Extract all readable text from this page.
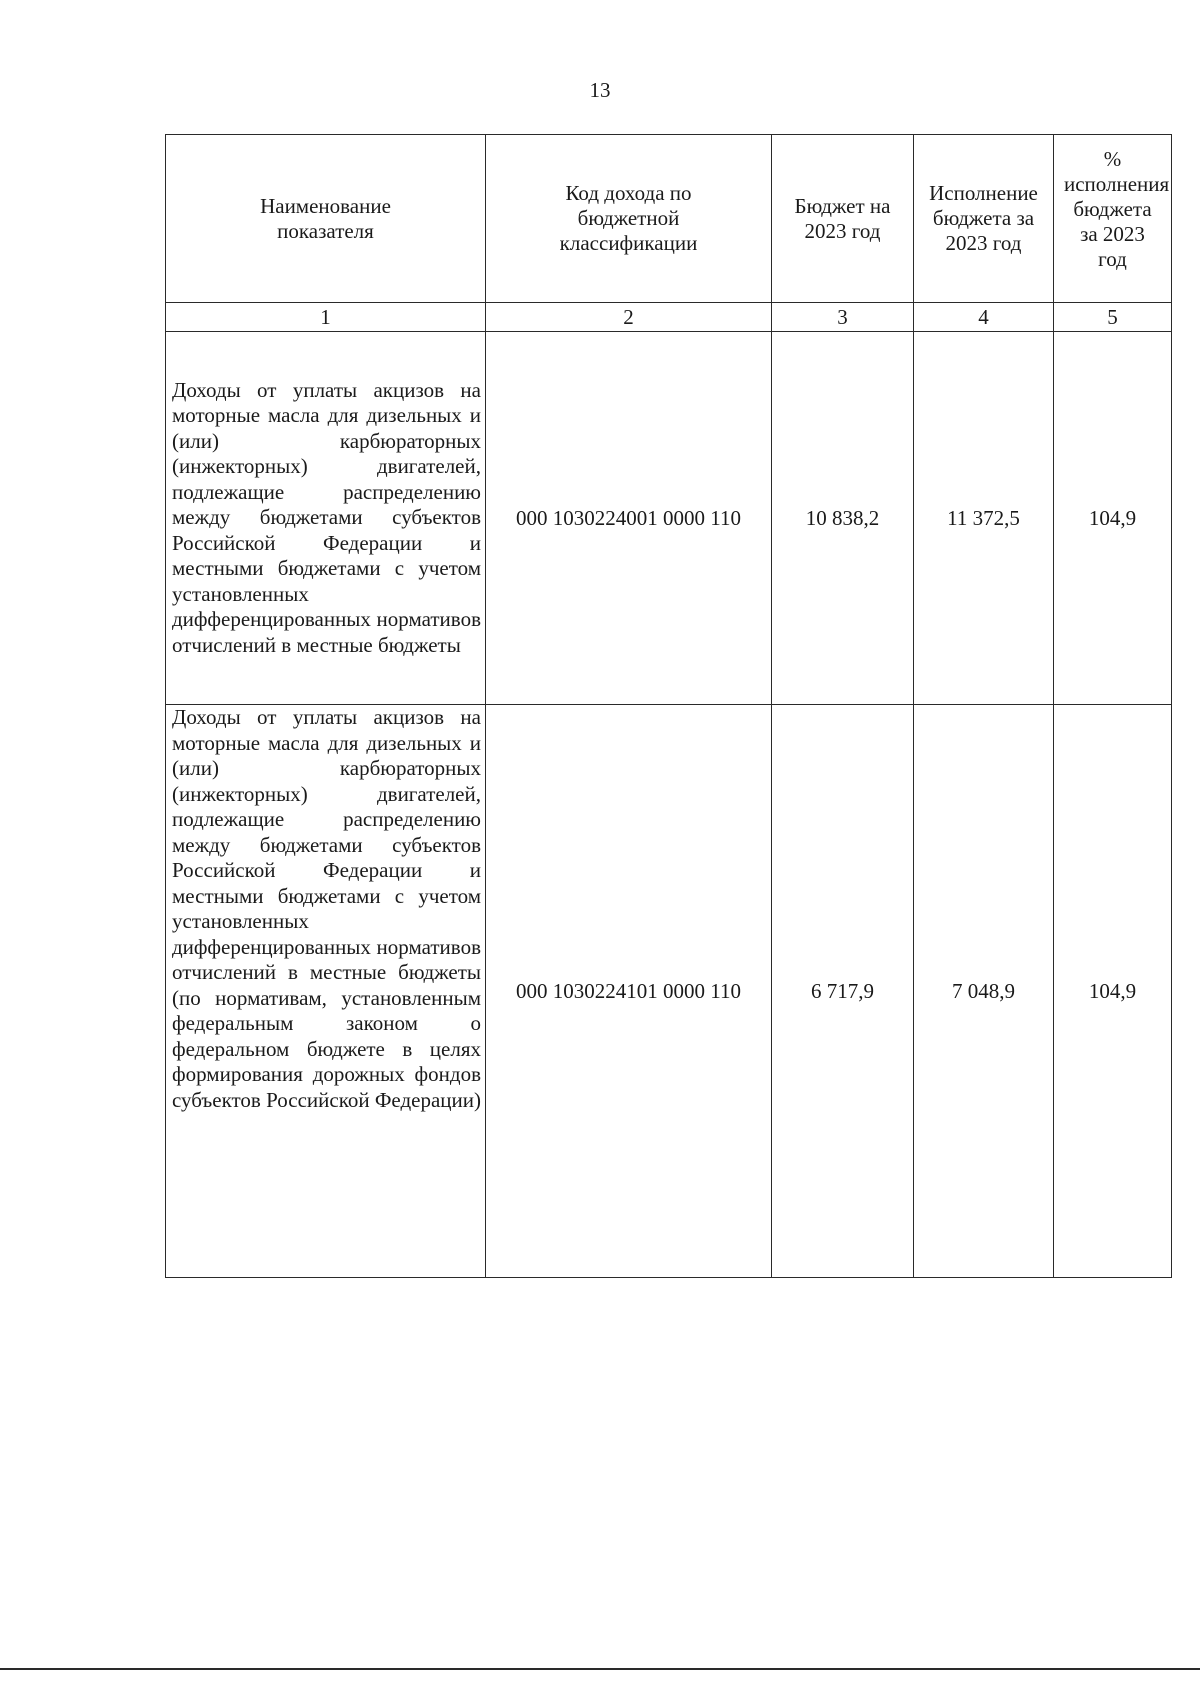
13
Наименование показателя	Код дохода по бюджетной классификации	Бюджет на 2023 год	Исполнение бюджета за 2023 год	% исполнения бюджета за 2023 год

1	2	3	4	5

Доходы от уплаты акцизов на моторные масла для дизельных и (или) карбюраторных (инжекторных) двигателей, подлежащие распределению между бюджетами субъектов Российской Федерации и местными бюджетами с учетом установленных дифференцированных нормативов отчислений в местные бюджеты	000 1030224001 0000 110	10 838,2	11 372,5	104,9

Доходы от уплаты акцизов на моторные масла для дизельных и (или) карбюраторных (инжекторных) двигателей, подлежащие распределению между бюджетами субъектов Российской Федерации и местными бюджетами с учетом установленных дифференцированных нормативов отчислений в местные бюджеты (по нормативам, установленным федеральным законом о федеральном бюджете в целях формирования дорожных фондов субъектов Российской Федерации)	000 1030224101 0000 110	6 717,9	7 048,9	104,9
